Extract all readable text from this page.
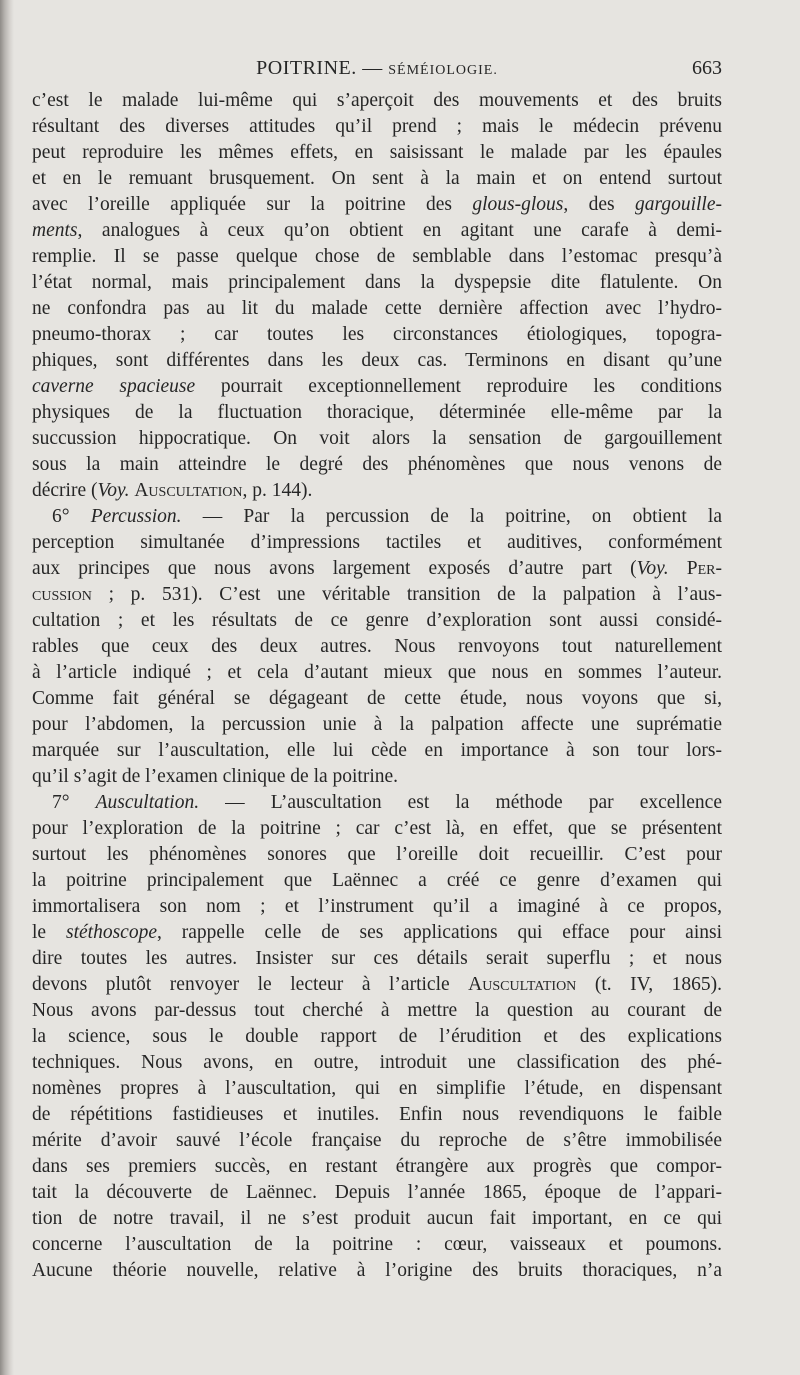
POITRINE. — SÉMÉIOLOGIE.	663
c’est le malade lui-même qui s’aperçoit des mouvements et des bruits
résultant des diverses attitudes qu’il prend ; mais le médecin prévenu
peut reproduire les mêmes effets, en saisissant le malade par les épaules
et en le remuant brusquement. On sent à la main et on entend surtout
avec l’oreille appliquée sur la poitrine des glous-glous, des gargouille-
ments, analogues à ceux qu’on obtient en agitant une carafe à demi-
remplie. Il se passe quelque chose de semblable dans l’estomac presqu’à
l’état normal, mais principalement dans la dyspepsie dite flatulente. On
ne confondra pas au lit du malade cette dernière affection avec l’hydro-
pneumo-thorax ; car toutes les circonstances étiologiques, topogra-
phiques, sont différentes dans les deux cas. Terminons en disant qu’une
caverne spacieuse pourrait exceptionnellement reproduire les conditions
physiques de la fluctuation thoracique, déterminée elle-même par la
succussion hippocratique. On voit alors la sensation de gargouillement
sous la main atteindre le degré des phénomènes que nous venons de
décrire (Voy. Auscultation, p. 144).
6° Percussion. — Par la percussion de la poitrine, on obtient la
perception simultanée d’impressions tactiles et auditives, conformément
aux principes que nous avons largement exposés d’autre part (Voy. Per-
cussion ; p. 531). C’est une véritable transition de la palpation à l’aus-
cultation ; et les résultats de ce genre d’exploration sont aussi considé-
rables que ceux des deux autres. Nous renvoyons tout naturellement
à l’article indiqué ; et cela d’autant mieux que nous en sommes l’auteur.
Comme fait général se dégageant de cette étude, nous voyons que si,
pour l’abdomen, la percussion unie à la palpation affecte une suprématie
marquée sur l’auscultation, elle lui cède en importance à son tour lors-
qu’il s’agit de l’examen clinique de la poitrine.
7° Auscultation. — L’auscultation est la méthode par excellence
pour l’exploration de la poitrine ; car c’est là, en effet, que se présentent
surtout les phénomènes sonores que l’oreille doit recueillir. C’est pour
la poitrine principalement que Laënnec a créé ce genre d’examen qui
immortalisera son nom ; et l’instrument qu’il a imaginé à ce propos,
le stéthoscope, rappelle celle de ses applications qui efface pour ainsi
dire toutes les autres. Insister sur ces détails serait superflu ; et nous
devons plutôt renvoyer le lecteur à l’article Auscultation (t. IV, 1865).
Nous avons par-dessus tout cherché à mettre la question au courant de
la science, sous le double rapport de l’érudition et des explications
techniques. Nous avons, en outre, introduit une classification des phé-
nomènes propres à l’auscultation, qui en simplifie l’étude, en dispensant
de répétitions fastidieuses et inutiles. Enfin nous revendiquons le faible
mérite d’avoir sauvé l’école française du reproche de s’être immobilisée
dans ses premiers succès, en restant étrangère aux progrès que compor-
tait la découverte de Laënnec. Depuis l’année 1865, époque de l’appari-
tion de notre travail, il ne s’est produit aucun fait important, en ce qui
concerne l’auscultation de la poitrine : cœur, vaisseaux et poumons.
Aucune théorie nouvelle, relative à l’origine des bruits thoraciques, n’a
